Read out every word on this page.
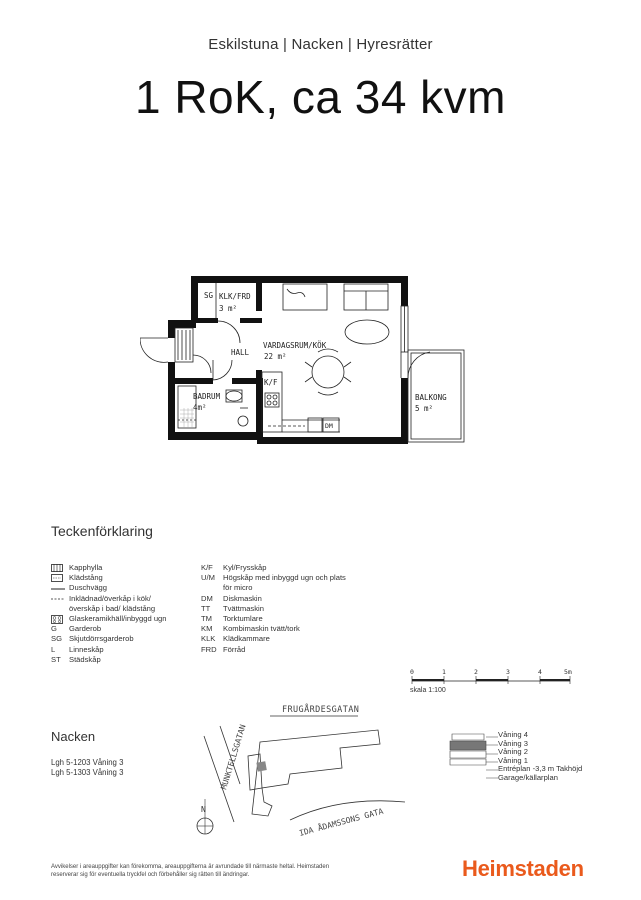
Eskilstuna | Nacken | Hyresrätter
1 RoK, ca 34 kvm
SG KLK/FRD
3 m²
HALL
VARDAGSRUM/KÖK
22 m²
K/F
BADRUM
4m²
BALKONG
5 m²
DM
Teckenförklaring
Kapphylla
Klädstång
Duschvägg
Inklädnad/överkåp i kök/överskåp i bad/ klädstång
Glaskeramikhäll/inbyggd ugn
G	Garderob
SG Skjutdörrsgarderob
L	Linneskåp
ST	Städskåp
K/F	Kyl/Frysskåp
U/M	Högskåp med inbyggd ugn och plats för micro
DM	Diskmaskin
TT	Tvättmaskin
TM	Torktumlare
KM	Kombimaskin tvätt/tork
KLK	Klädkammare
FRD Förråd
0	1	2	3	4	5m
skala 1:100
Nacken
Lgh 5-1203 Våning 3
Lgh 5-1303 Våning 3
N
FRUGÅRDESGATAN
MUNKTELLSGATAN
IDA ÅDAMSSONS GATA
Våning 4
Våning 3
Våning 2
Våning 1
Entréplan -3,3 m Takhöjd
Garage/källarplan
Avvikelser i areauppgifter kan förekomma, areauppgifterna är avrundade till närmaste heltal. Heimstaden reserverar sig för eventuella tryckfel och förbehåller sig rätten till ändringar.	Heimstaden
